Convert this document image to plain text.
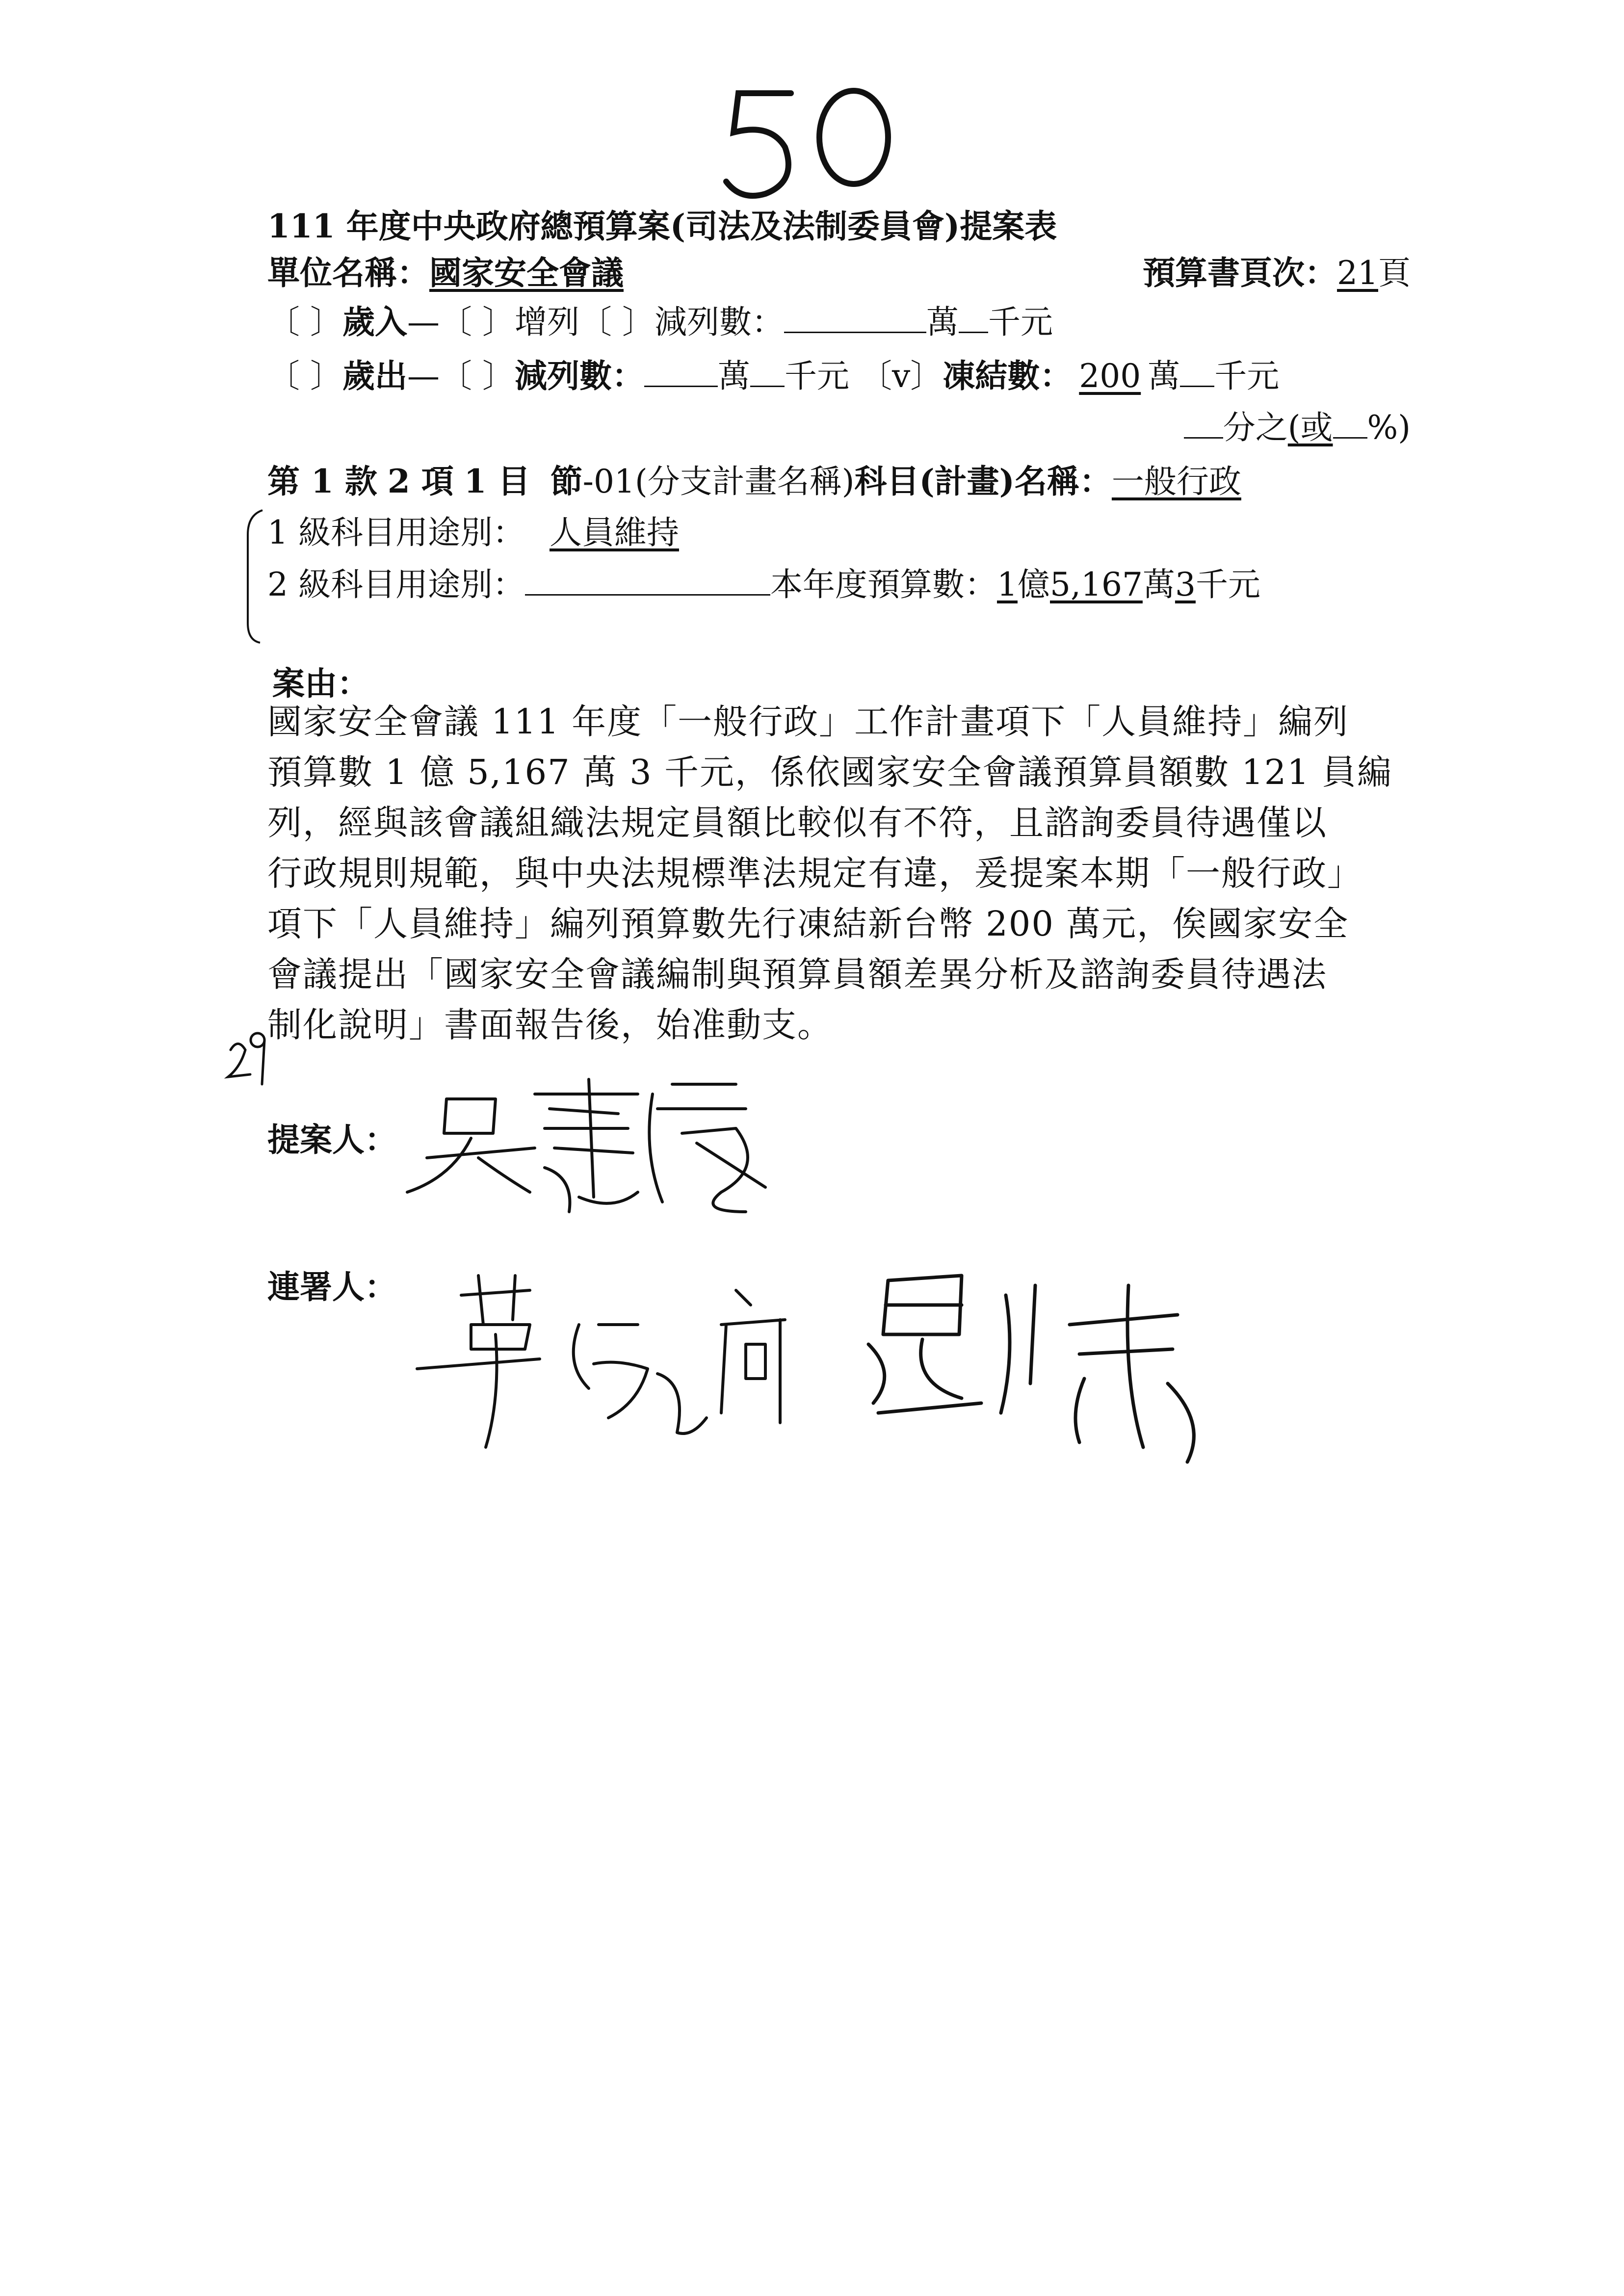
111 年度中央政府總預算案(司法及法制委員會)提案表
單位名稱：國家安全會議	預算書頁次：21頁
〔 〕歲入—〔 〕增列〔 〕減列數：	萬 千元
〔 〕歲出—〔 〕減列數： 萬 千元 〔v〕凍結數： 200 萬 千元
分之(或 %)
第 1 款 2 項 1 目 節-01(分支計畫名稱)科目(計畫)名稱：一般行政
1 級科目用途別： 人員維持
2 級科目用途別：	本年度預算數：1億5,167萬3千元
案由：
國家安全會議 111 年度「一般行政」工作計畫項下「人員維持」編列
預算數 1 億 5,167 萬 3 千元，係依國家安全會議預算員額數 121 員編
列，經與該會議組織法規定員額比較似有不符，且諮詢委員待遇僅以
行政規則規範，與中央法規標準法規定有違，爰提案本期「一般行政」
項下「人員維持」編列預算數先行凍結新台幣 200 萬元，俟國家安全
會議提出「國家安全會議編制與預算員額差異分析及諮詢委員待遇法
制化說明」書面報告後，始准動支。
提案人：
連署人：
